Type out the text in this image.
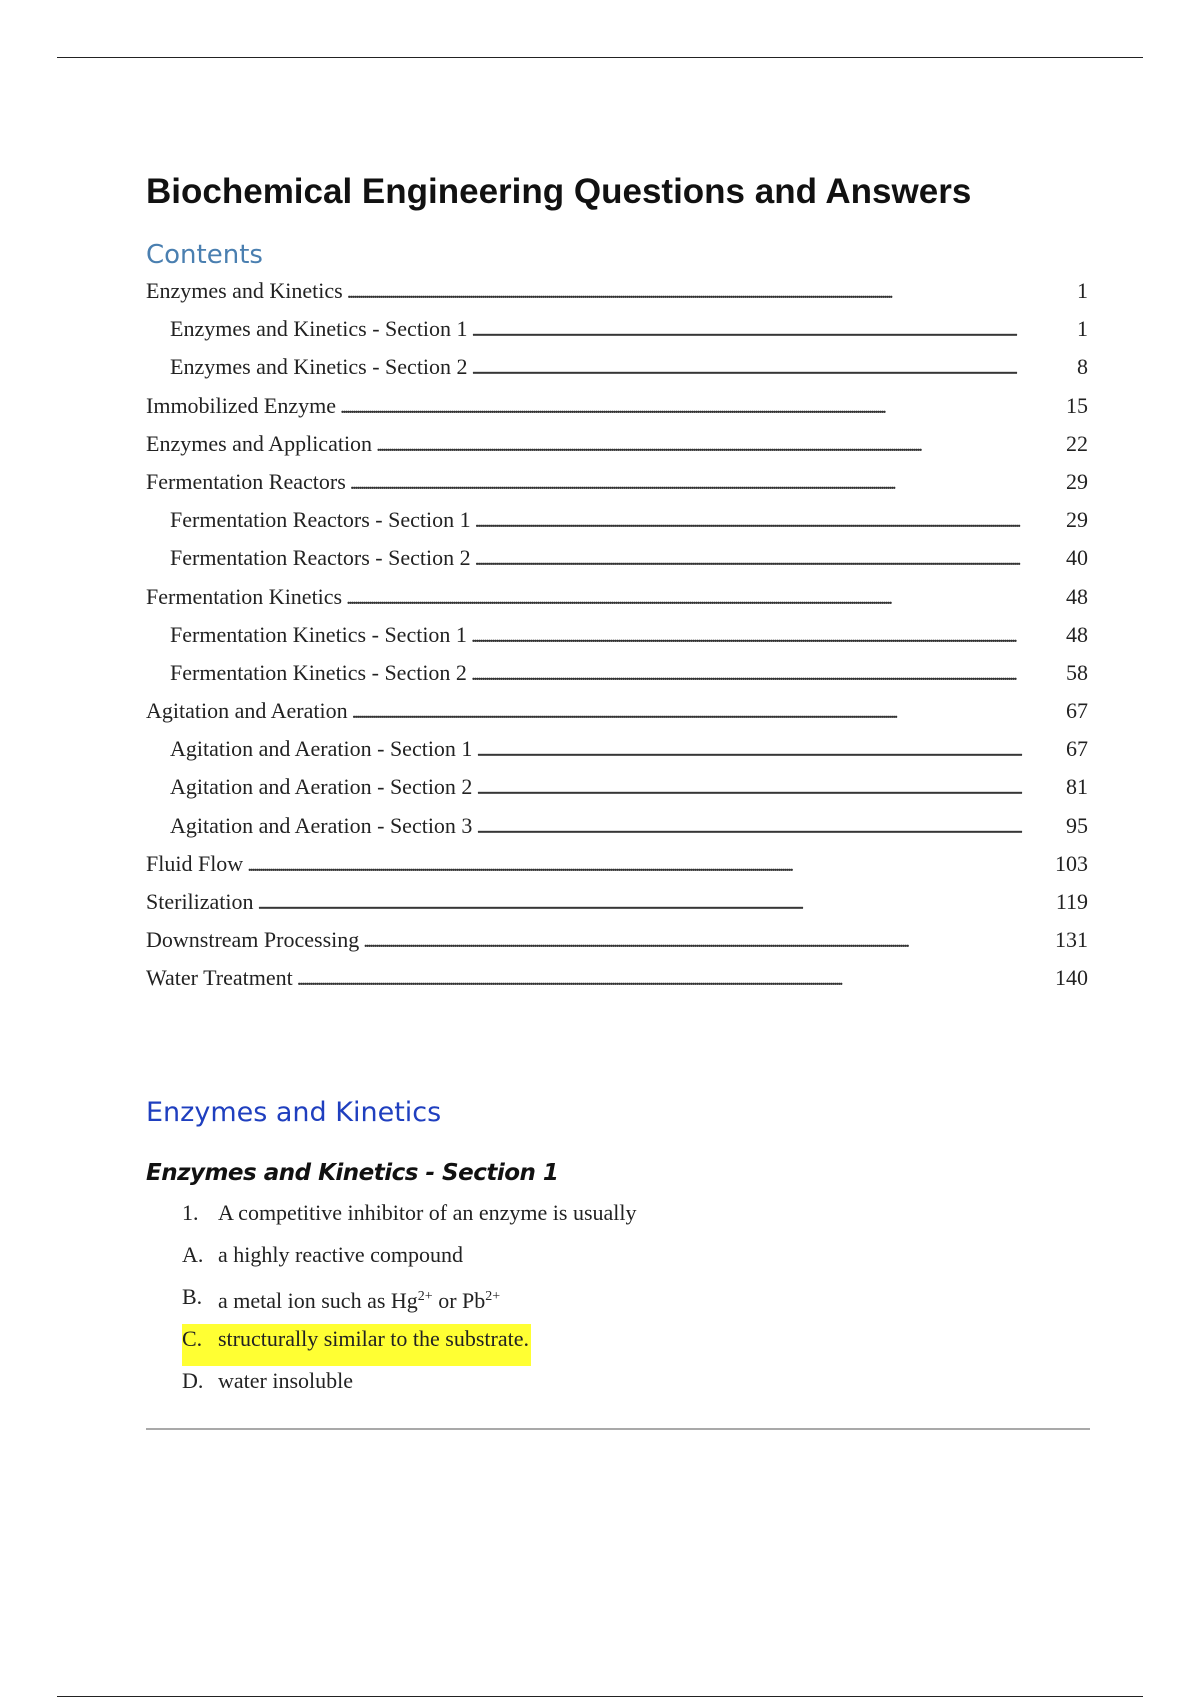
Biochemical Engineering Questions and Answers
Contents
Enzymes and Kinetics . . .	1
Enzymes and Kinetics - Section 1 . . .	1
Enzymes and Kinetics - Section 2 . . .	8
Immobilized Enzyme . . .	15
Enzymes and Application . . .	22
Fermentation Reactors . . .	29
Fermentation Reactors - Section 1 . . .	29
Fermentation Reactors - Section 2 . . .	40
Fermentation Kinetics . . .	48
Fermentation Kinetics - Section 1 . . .	48
Fermentation Kinetics - Section 2 . . .	58
Agitation and Aeration . . .	67
Agitation and Aeration - Section 1 . . .	67
Agitation and Aeration - Section 2 . . .	81
Agitation and Aeration - Section 3 . . .	95
Fluid Flow . . .	103
Sterilization . . .	119
Downstream Processing . . .	131
Water Treatment . . .	140
Enzymes and Kinetics
Enzymes and Kinetics - Section 1
1. A competitive inhibitor of an enzyme is usually
A. a highly reactive compound
B. a metal ion such as $Hg^{2+}$ or $Pb^{2+}$
C. structurally similar to the substrate.
D. water insoluble
